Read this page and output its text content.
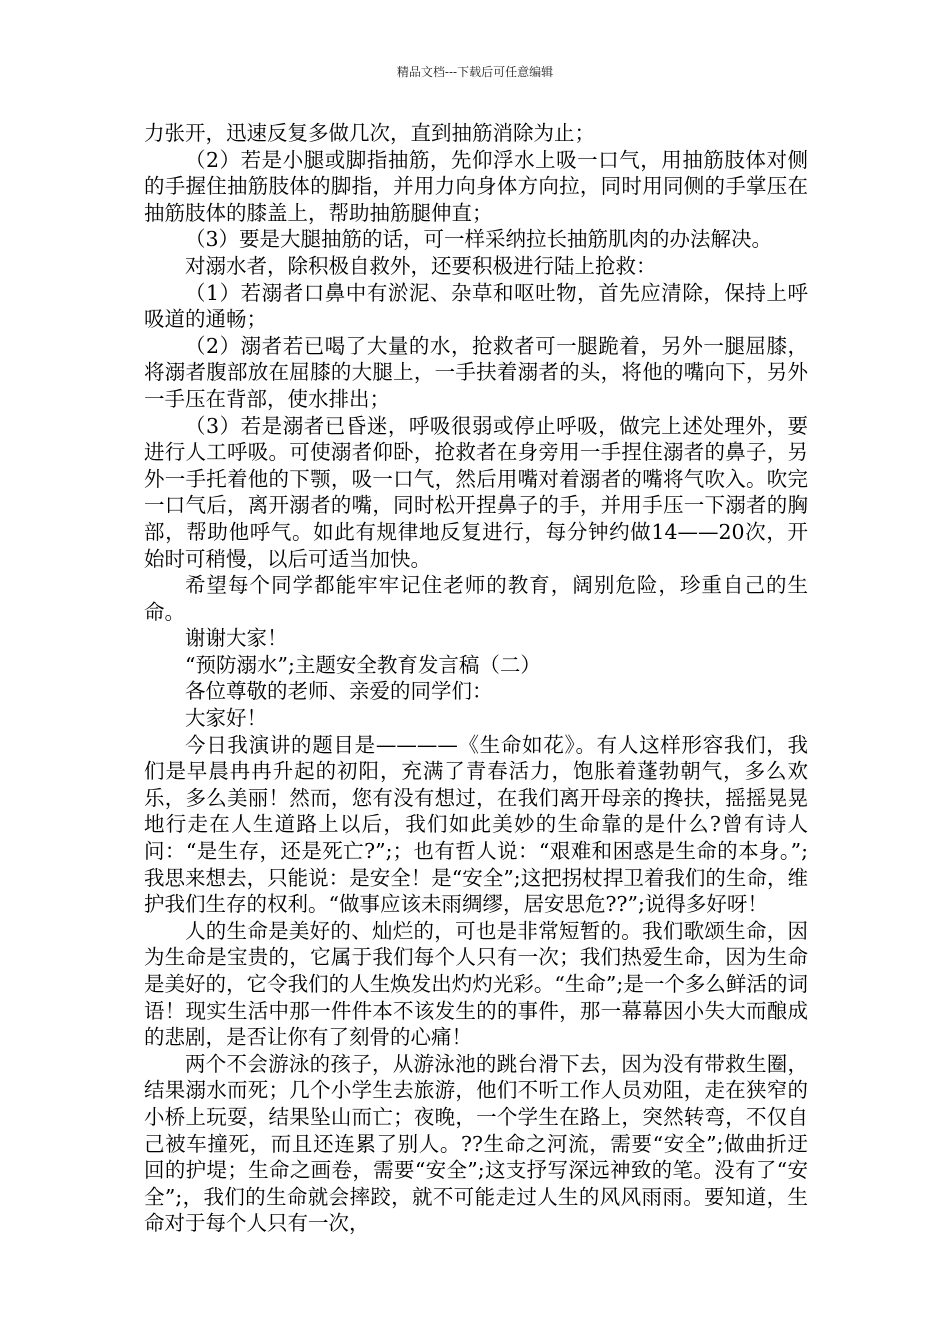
精品文档---下载后可任意编辑

力张开，迅速反复多做几次，直到抽筋消除为止；

（2）若是小腿或脚指抽筋，先仰浮水上吸一口气，用抽筋肢体对侧的手握住抽筋肢体的脚指，并用力向身体方向拉，同时用同侧的手掌压在抽筋肢体的膝盖上，帮助抽筋腿伸直；

（3）要是大腿抽筋的话，可一样采纳拉长抽筋肌肉的办法解决。

对溺水者，除积极自救外，还要积极进行陆上抢救：

（1）若溺者口鼻中有淤泥、杂草和呕吐物，首先应清除，保持上呼吸道的通畅；

（2）溺者若已喝了大量的水，抢救者可一腿跪着，另外一腿屈膝，将溺者腹部放在屈膝的大腿上，一手扶着溺者的头，将他的嘴向下，另外一手压在背部，使水排出；

（3）若是溺者已昏迷，呼吸很弱或停止呼吸，做完上述处理外，要进行人工呼吸。可使溺者仰卧，抢救者在身旁用一手捏住溺者的鼻子，另外一手托着他的下颚，吸一口气，然后用嘴对着溺者的嘴将气吹入。吹完一口气后，离开溺者的嘴，同时松开捏鼻子的手，并用手压一下溺者的胸部，帮助他呼气。如此有规律地反复进行，每分钟约做14——20次，开始时可稍慢，以后可适当加快。

希望每个同学都能牢牢记住老师的教育，阔别危险，珍重自己的生命。

谢谢大家！

“预防溺水”;主题安全教育发言稿（二）

各位尊敬的老师、亲爱的同学们：

大家好！

今日我演讲的题目是————《生命如花》。有人这样形容我们，我们是早晨冉冉升起的初阳，充满了青春活力，饱胀着蓬勃朝气，多么欢乐，多么美丽！然而，您有没有想过，在我们离开母亲的搀扶，摇摇晃晃地行走在人生道路上以后，我们如此美妙的生命靠的是什么?曾有诗人问：“是生存，还是死亡?”;；也有哲人说：“艰难和困惑是生命的本身。”;我思来想去，只能说：是安全！是“安全”;这把拐杖捍卫着我们的生命，维护我们生存的权利。“做事应该未雨绸缪，居安思危??”;说得多好呀！

人的生命是美好的、灿烂的，可也是非常短暂的。我们歌颂生命，因为生命是宝贵的，它属于我们每个人只有一次；我们热爱生命，因为生命是美好的，它令我们的人生焕发出灼灼光彩。“生命”;是一个多么鲜活的词语！现实生活中那一件件本不该发生的的事件，那一幕幕因小失大而酿成的悲剧，是否让你有了刻骨的心痛！

两个不会游泳的孩子，从游泳池的跳台滑下去，因为没有带救生圈，结果溺水而死；几个小学生去旅游，他们不听工作人员劝阻，走在狭窄的小桥上玩耍，结果坠山而亡；夜晚，一个学生在路上，突然转弯，不仅自己被车撞死，而且还连累了别人。??生命之河流，需要“安全”;做曲折迂回的护堤；生命之画卷，需要“安全”;这支抒写深远神致的笔。没有了“安全”;，我们的生命就会摔跤，就不可能走过人生的风风雨雨。要知道，生命对于每个人只有一次，
